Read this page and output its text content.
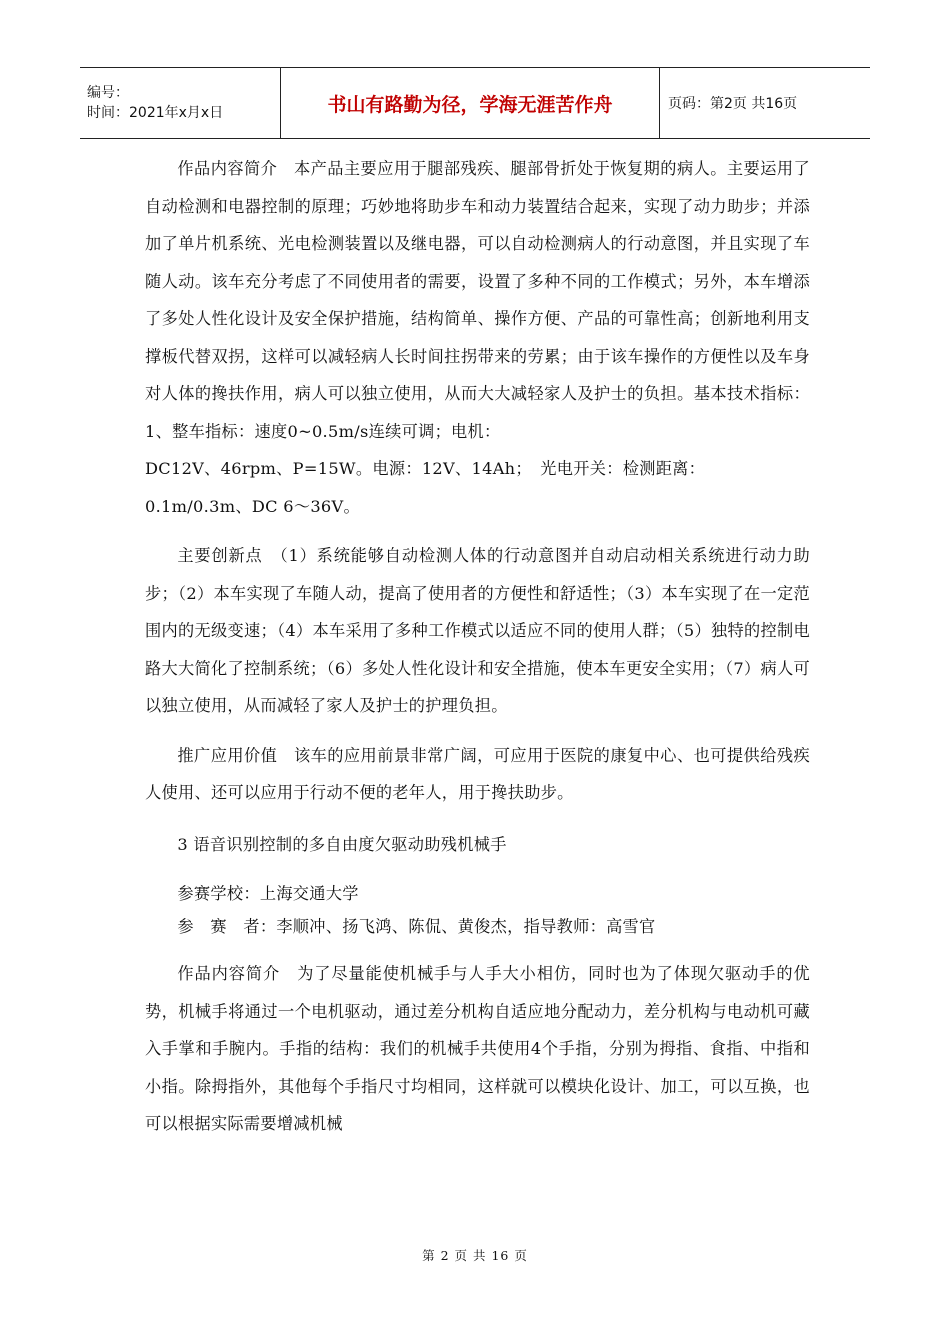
编号：
时间：2021年x月x日	书山有路勤为径，学海无涯苦作舟	页码：第2页 共16页

作品内容简介　本产品主要应用于腿部残疾、腿部骨折处于恢复期的病人。主要运用了自动检测和电器控制的原理；巧妙地将助步车和动力装置结合起来，实现了动力助步；并添加了单片机系统、光电检测装置以及继电器，可以自动检测病人的行动意图，并且实现了车随人动。该车充分考虑了不同使用者的需要，设置了多种不同的工作模式；另外，本车增添了多处人性化设计及安全保护措施，结构简单、操作方便、产品的可靠性高；创新地利用支撑板代替双拐，这样可以减轻病人长时间拄拐带来的劳累；由于该车操作的方便性以及车身对人体的搀扶作用，病人可以独立使用，从而大大减轻家人及护士的负担。基本技术指标：1、整车指标：速度0~0.5m/s连续可调；电机：

DC12V、46rpm、P=15W。电源：12V、14Ah；　光电开关：检测距离：

0.1m/0.3m、DC 6～36V。

主要创新点　（1）系统能够自动检测人体的行动意图并自动启动相关系统进行动力助步；（2）本车实现了车随人动，提高了使用者的方便性和舒适性；（3）本车实现了在一定范围内的无级变速；（4）本车采用了多种工作模式以适应不同的使用人群；（5）独特的控制电路大大简化了控制系统；（6）多处人性化设计和安全措施，使本车更安全实用；（7）病人可以独立使用，从而减轻了家人及护士的护理负担。

推广应用价值　该车的应用前景非常广阔，可应用于医院的康复中心、也可提供给残疾人使用、还可以应用于行动不便的老年人，用于搀扶助步。

3 语音识别控制的多自由度欠驱动助残机械手

参赛学校：上海交通大学

参　赛　者：李顺冲、扬飞鸿、陈侃、黄俊杰，指导教师：高雪官

作品内容简介　为了尽量能使机械手与人手大小相仿，同时也为了体现欠驱动手的优势，机械手将通过一个电机驱动，通过差分机构自适应地分配动力，差分机构与电动机可藏入手掌和手腕内。手指的结构：我们的机械手共使用4个手指，分别为拇指、食指、中指和小指。除拇指外，其他每个手指尺寸均相同，这样就可以模块化设计、加工，可以互换，也可以根据实际需要增减机械

第 2 页 共 16 页
